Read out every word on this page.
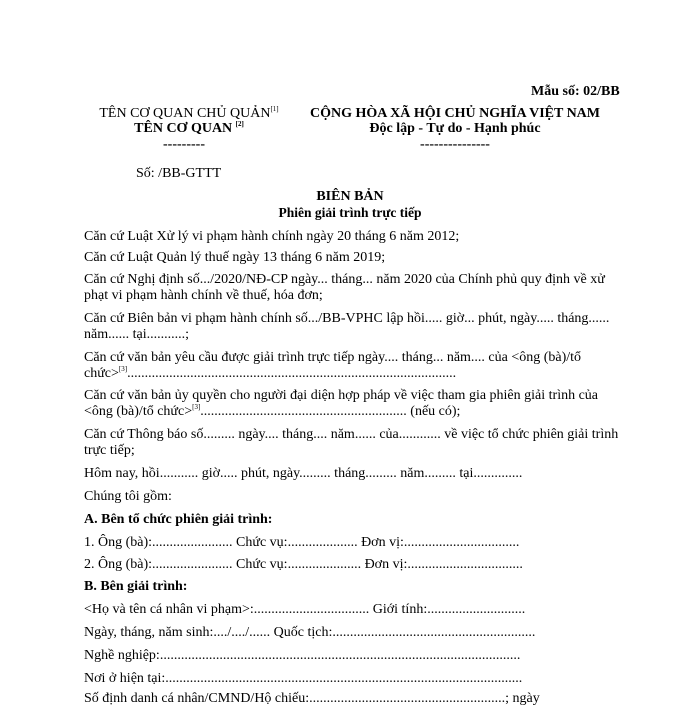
Mẫu số: 02/BB
TÊN CƠ QUAN CHỦ QUẢN[1]
TÊN CƠ QUAN [2]
---------
CỘNG HÒA XÃ HỘI CHỦ NGHĨA VIỆT NAM
Độc lập - Tự do - Hạnh phúc
---------------
Số: /BB-GTTT
BIÊN BẢN
Phiên giải trình trực tiếp
Căn cứ Luật Xử lý vi phạm hành chính ngày 20 tháng 6 năm 2012;
Căn cứ Luật Quản lý thuế ngày 13 tháng 6 năm 2019;
Căn cứ Nghị định số.../2020/NĐ-CP ngày... tháng... năm 2020 của Chính phủ quy định về xử
phạt vi phạm hành chính về thuế, hóa đơn;
Căn cứ Biên bản vi phạm hành chính số.../BB-VPHC lập hồi..... giờ... phút, ngày..... tháng......
năm...... tại...........;
Căn cứ văn bản yêu cầu được giải trình trực tiếp ngày.... tháng... năm.... của <ông (bà)/tổ
chức>[3]..............................................................................................
Căn cứ văn bản ủy quyền cho người đại diện hợp pháp về việc tham gia phiên giải trình của
<ông (bà)/tổ chức>[3]........................................................... (nếu có);
Căn cứ Thông báo số......... ngày.... tháng.... năm...... của............ về việc tổ chức phiên giải trình
trực tiếp;
Hôm nay, hồi........... giờ..... phút, ngày......... tháng......... năm......... tại..............
Chúng tôi gồm:
A. Bên tổ chức phiên giải trình:
1. Ông (bà):....................... Chức vụ:.................... Đơn vị:.................................
2. Ông (bà):....................... Chức vụ:..................... Đơn vị:.................................
B. Bên giải trình:
<Họ và tên cá nhân vi phạm>:................................. Giới tính:............................
Ngày, tháng, năm sinh:..../..../...... Quốc tịch:..........................................................
Nghề nghiệp:.......................................................................................................
Nơi ở hiện tại:......................................................................................................
Số định danh cá nhân/CMND/Hộ chiếu:........................................................; ngày
